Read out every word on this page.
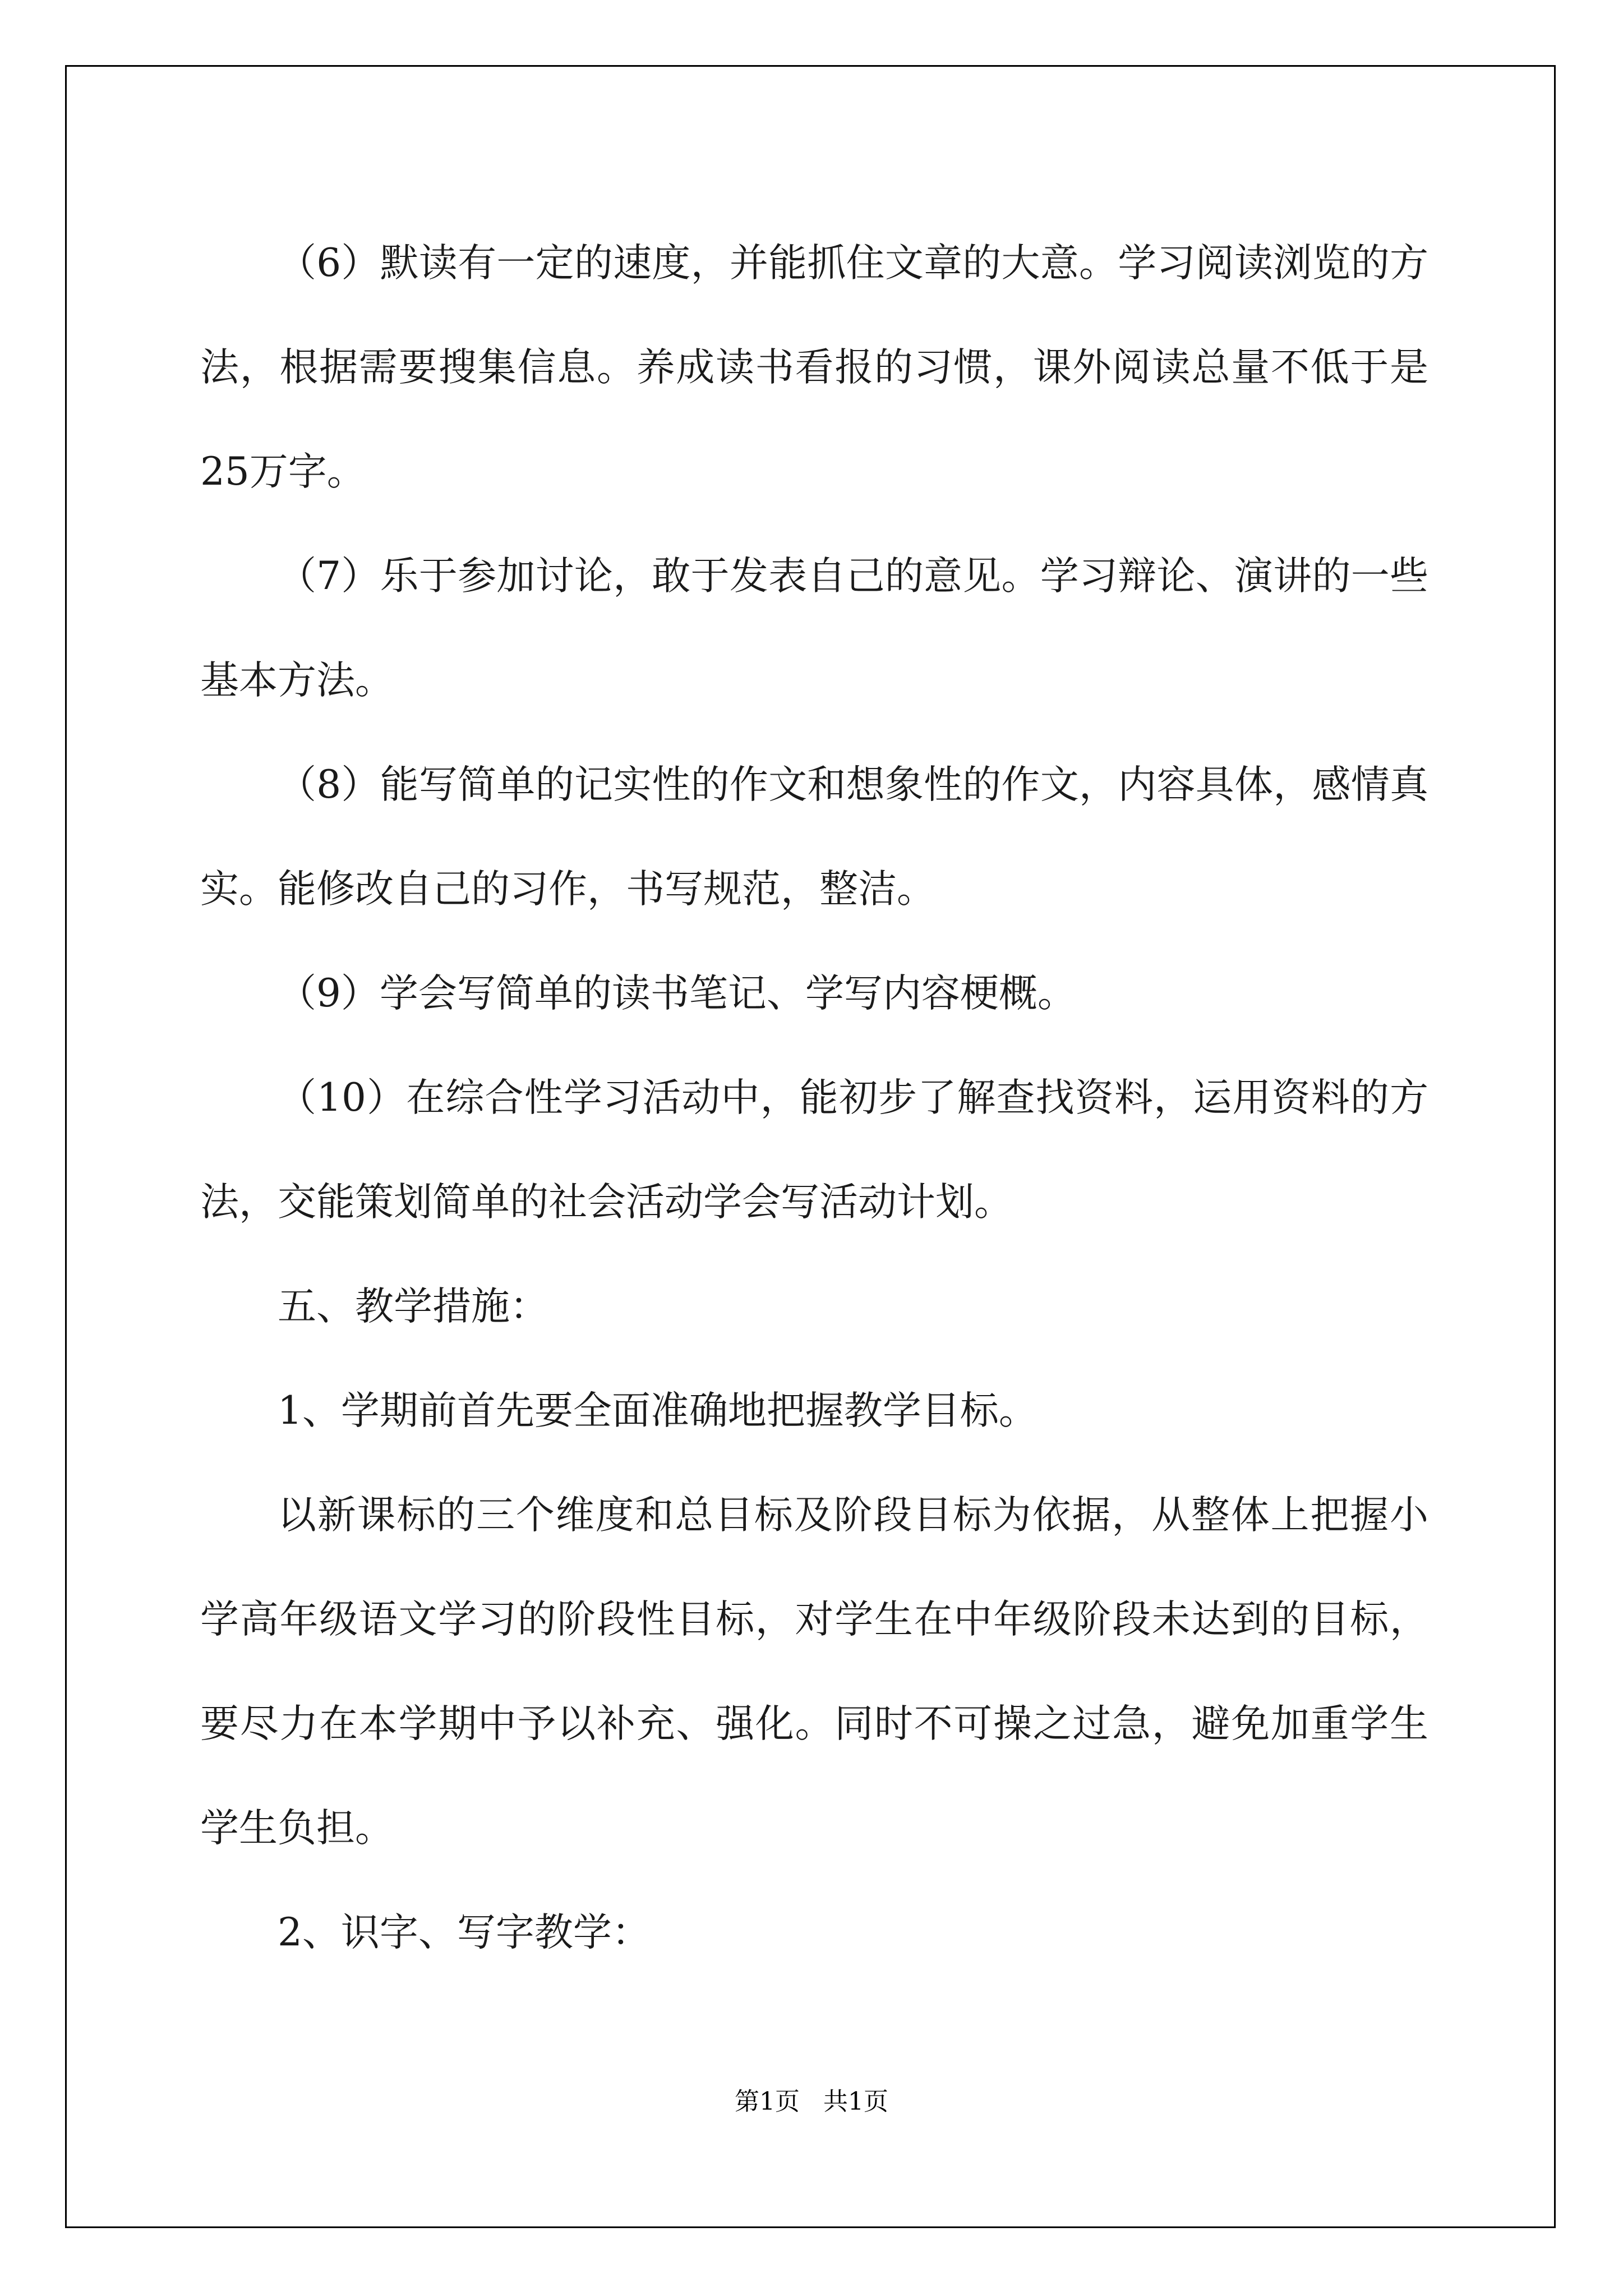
（6）默读有一定的速度，并能抓住文章的大意。学习阅读浏览的方法，根据需要搜集信息。养成读书看报的习惯，课外阅读总量不低于是25万字。

（7）乐于参加讨论，敢于发表自己的意见。学习辩论、演讲的一些基本方法。

（8）能写简单的记实性的作文和想象性的作文，内容具体，感情真实。能修改自己的习作，书写规范，整洁。

（9）学会写简单的读书笔记、学写内容梗概。

（10）在综合性学习活动中，能初步了解查找资料，运用资料的方法，交能策划简单的社会活动学会写活动计划。

五、教学措施：

1、学期前首先要全面准确地把握教学目标。

以新课标的三个维度和总目标及阶段目标为依据，从整体上把握小学高年级语文学习的阶段性目标，对学生在中年级阶段未达到的目标，要尽力在本学期中予以补充、强化。同时不可操之过急，避免加重学生学生负担。

2、识字、写字教学：

第1页   共1页
